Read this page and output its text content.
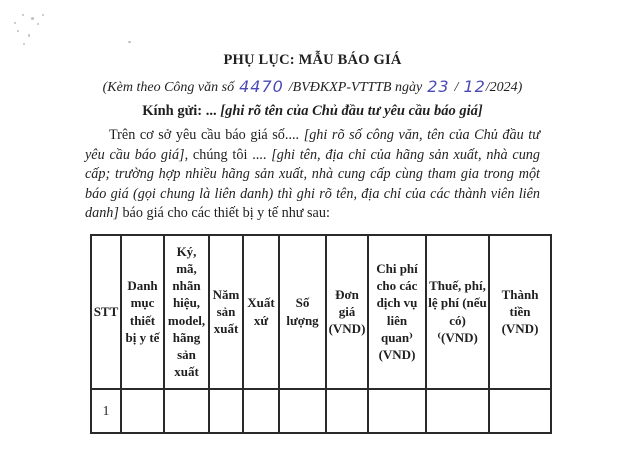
PHỤ LỤC: MẪU BÁO GIÁ

(Kèm theo Công văn số 4470 /BVĐKXP-VTTTB ngày 23 / 12/2024)

Kính gửi: ... [ghi rõ tên của Chủ đầu tư yêu cầu báo giá]

Trên cơ sở yêu cầu báo giá số.... [ghi rõ số công văn, tên của Chủ đầu tư yêu cầu báo giá], chúng tôi .... [ghi tên, địa chỉ của hãng sản xuất, nhà cung cấp; trường hợp nhiều hãng sản xuất, nhà cung cấp cùng tham gia trong một báo giá (gọi chung là liên danh) thì ghi rõ tên, địa chỉ của các thành viên liên danh] báo giá cho các thiết bị y tế như sau:

STT	Danh mục thiết bị y tế	Ký, mã, nhãn hiệu, model, hãng sản xuất	Năm sản xuất	Xuất xứ	Số lượng	Đơn giá (VND)	Chi phí cho các dịch vụ liên quan⁾ (VND)	Thuế, phí, lệ phí (nếu có) ⁽(VND)	Thành tiền (VND)
1									
